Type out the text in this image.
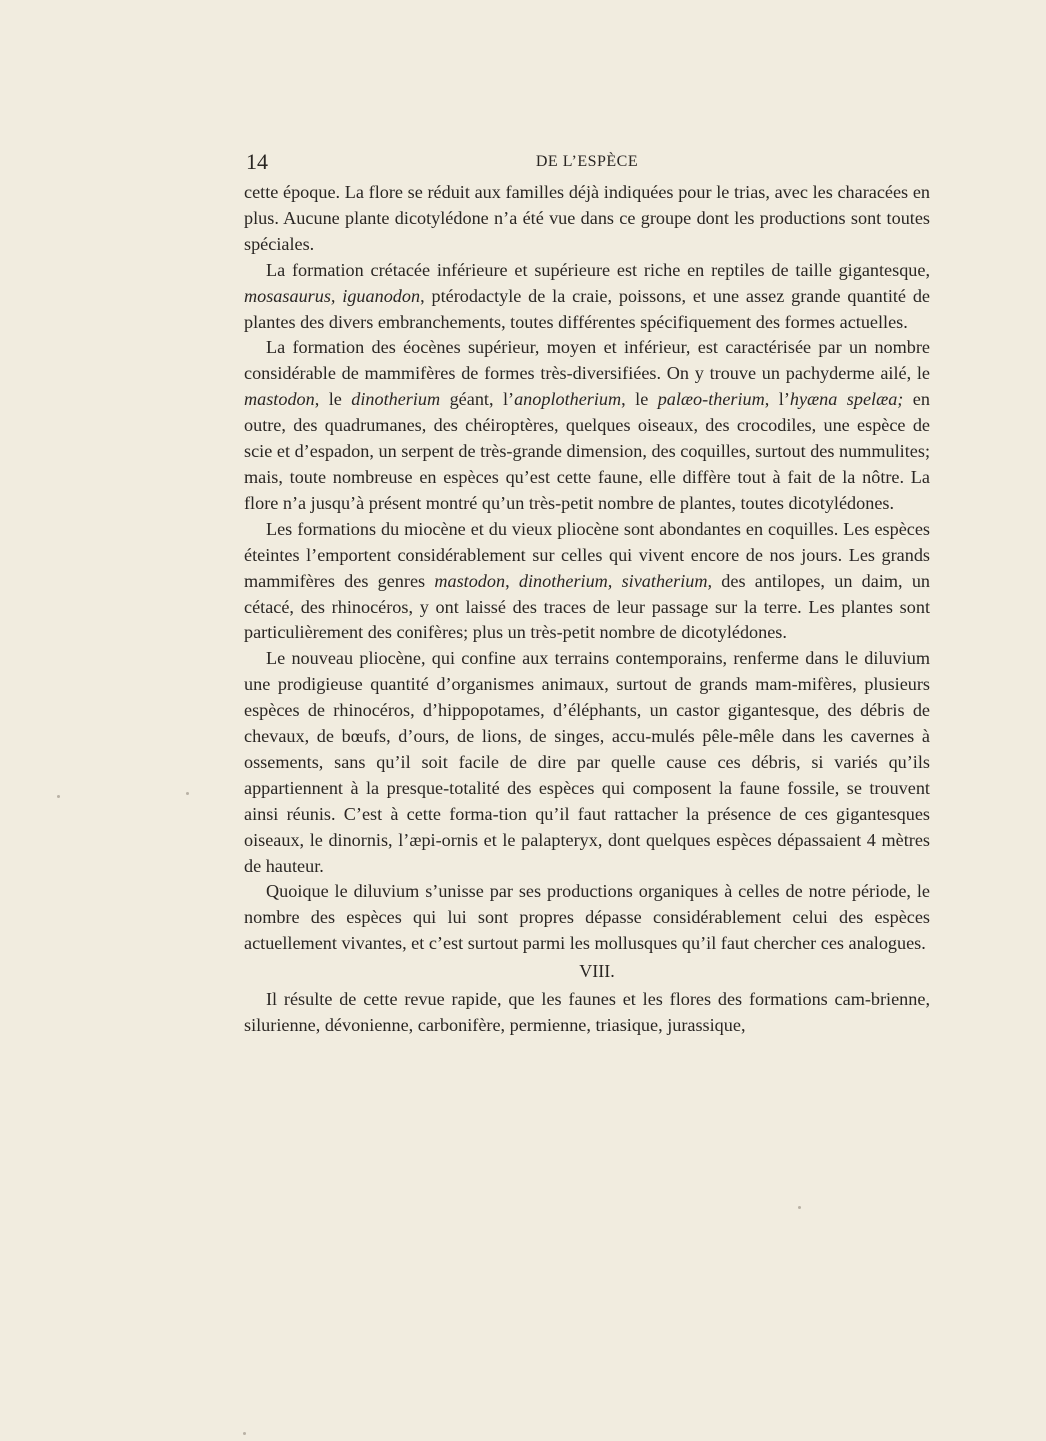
14	DE L’ESPÈCE

cette époque. La flore se réduit aux familles déjà indiquées pour le trias, avec les characées en plus. Aucune plante dicotylédone n’a été vue dans ce groupe dont les productions sont toutes spéciales.

La formation crétacée inférieure et supérieure est riche en reptiles de taille gigantesque, mosasaurus, iguanodon, ptérodactyle de la craie, poissons, et une assez grande quantité de plantes des divers embranchements, toutes différentes spécifiquement des formes actuelles.

La formation des éocènes supérieur, moyen et inférieur, est caractérisée par un nombre considérable de mammifères de formes très-diversifiées. On y trouve un pachyderme ailé, le mastodon, le dinotherium géant, l’anoplotherium, le palæo-therium, l’hyæna spelæa; en outre, des quadrumanes, des chéiroptères, quelques oiseaux, des crocodiles, une espèce de scie et d’espadon, un serpent de très-grande dimension, des coquilles, surtout des nummulites; mais, toute nombreuse en espèces qu’est cette faune, elle diffère tout à fait de la nôtre. La flore n’a jusqu’à présent montré qu’un très-petit nombre de plantes, toutes dicotylédones.

Les formations du miocène et du vieux pliocène sont abondantes en coquilles. Les espèces éteintes l’emportent considérablement sur celles qui vivent encore de nos jours. Les grands mammifères des genres mastodon, dinotherium, sivatherium, des antilopes, un daim, un cétacé, des rhinocéros, y ont laissé des traces de leur passage sur la terre. Les plantes sont particulièrement des conifères; plus un très-petit nombre de dicotylédones.

Le nouveau pliocène, qui confine aux terrains contemporains, renferme dans le diluvium une prodigieuse quantité d’organismes animaux, surtout de grands mam-mifères, plusieurs espèces de rhinocéros, d’hippopotames, d’éléphants, un castor gigantesque, des débris de chevaux, de bœufs, d’ours, de lions, de singes, accu-mulés pêle-mêle dans les cavernes à ossements, sans qu’il soit facile de dire par quelle cause ces débris, si variés qu’ils appartiennent à la presque-totalité des espèces qui composent la faune fossile, se trouvent ainsi réunis. C’est à cette forma-tion qu’il faut rattacher la présence de ces gigantesques oiseaux, le dinornis, l’æpi-ornis et le palapteryx, dont quelques espèces dépassaient 4 mètres de hauteur.

Quoique le diluvium s’unisse par ses productions organiques à celles de notre période, le nombre des espèces qui lui sont propres dépasse considérablement celui des espèces actuellement vivantes, et c’est surtout parmi les mollusques qu’il faut chercher ces analogues.

VIII.

Il résulte de cette revue rapide, que les faunes et les flores des formations cam-brienne, silurienne, dévonienne, carbonifère, permienne, triasique, jurassique,
